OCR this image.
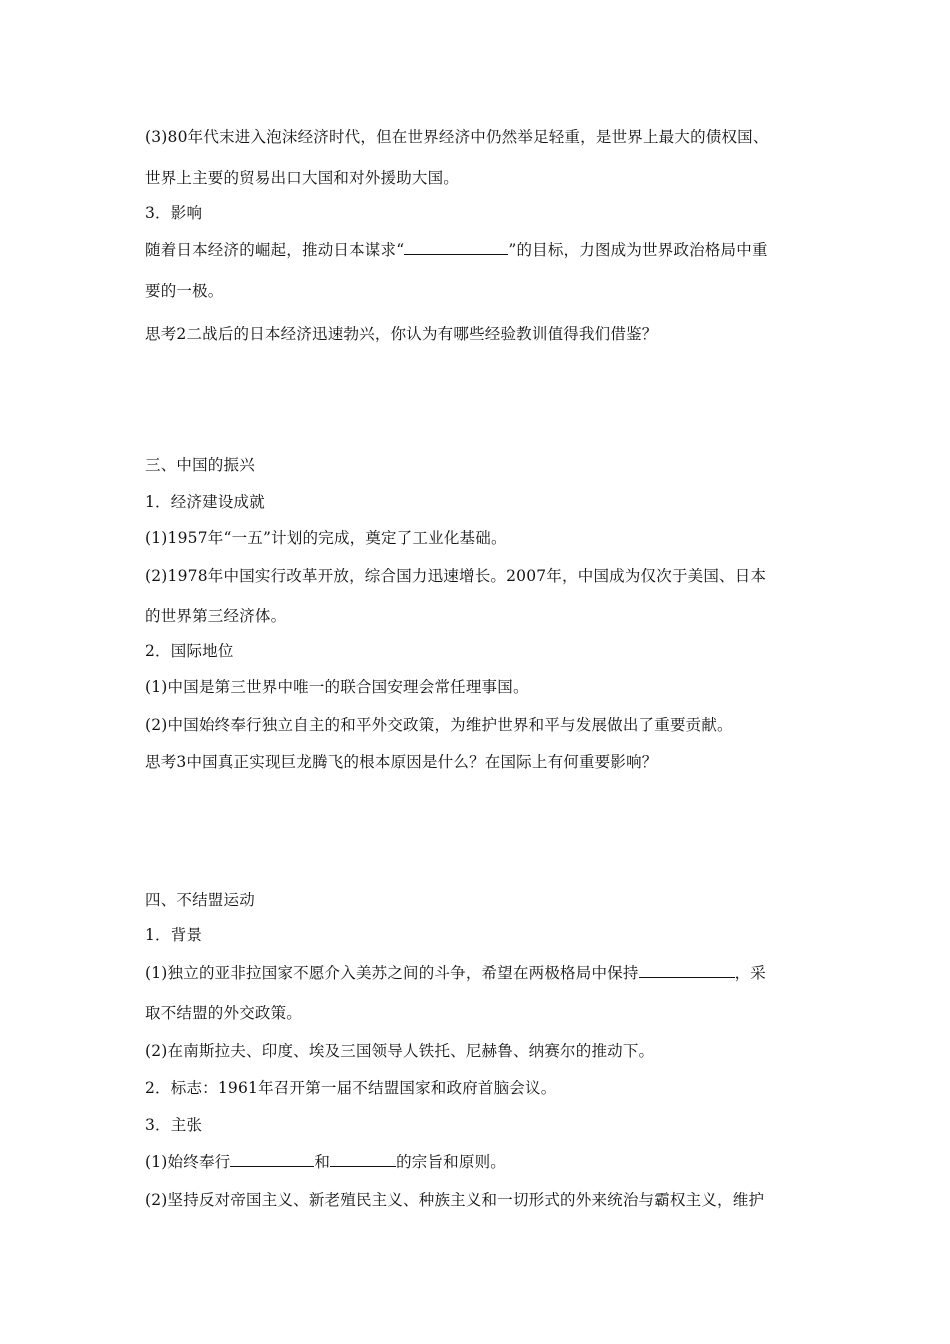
(3)80年代末进入泡沫经济时代，但在世界经济中仍然举足轻重，是世界上最大的债权国、
世界上主要的贸易出口大国和对外援助大国。
3．影响
随着日本经济的崛起，推动日本谋求“	”的目标，力图成为世界政治格局中重
要的一极。
思考2二战后的日本经济迅速勃兴，你认为有哪些经验教训值得我们借鉴？
三、中国的振兴
1．经济建设成就
(1)1957年“一五”计划的完成，奠定了工业化基础。
(2)1978年中国实行改革开放，综合国力迅速增长。2007年，中国成为仅次于美国、日本
的世界第三经济体。
2．国际地位
(1)中国是第三世界中唯一的联合国安理会常任理事国。
(2)中国始终奉行独立自主的和平外交政策，为维护世界和平与发展做出了重要贡献。
思考3中国真正实现巨龙腾飞的根本原因是什么？在国际上有何重要影响？
四、不结盟运动
1．背景
(1)独立的亚非拉国家不愿介入美苏之间的斗争，希望在两极格局中保持	，采
取不结盟的外交政策。
(2)在南斯拉夫、印度、埃及三国领导人铁托、尼赫鲁、纳赛尔的推动下。
2．标志：1961年召开第一届不结盟国家和政府首脑会议。
3．主张
(1)始终奉行	和	的宗旨和原则。
(2)坚持反对帝国主义、新老殖民主义、种族主义和一切形式的外来统治与霸权主义，维护
